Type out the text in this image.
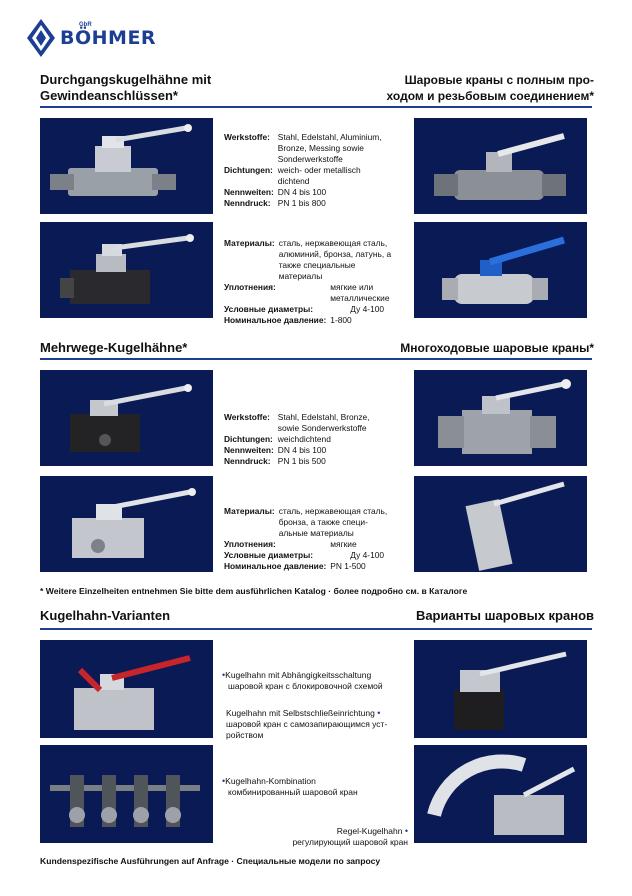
GbR
BÖHMER
Durchgangskugelhähne mit
Gewindeanschlüssen*
Шаровые краны с полным про-
ходом и резьбовым соединением*
Werkstoffe:	Stahl, Edelstahl, Aluminium,
Bronze, Messing sowie
Sonderwerkstoffe

Dichtungen:	weich- oder metallisch
dichtend

Nennweiten:	DN 4 bis 100
Nenndruck:	PN 1 bis 800
Материалы:	сталь, нержавеющая сталь,
алюминий, бронза, латунь, а
также специальные
материалы
Уплотнения:	мягкие или металлические
Условные диаметры:	Ду 4-100
Номинальное давление:	1-800
Mehrwege-Kugelhähne*	Многоходовые шаровые краны*
Werkstoffe:	Stahl, Edelstahl, Bronze,
sowie Sonderwerkstoffe

Dichtungen:	weichdichtend
Nennweiten:	DN 4 bis 100
Nenndruck:	PN 1 bis 500
Материалы:	сталь, нержавеющая сталь,
бронза, а также специ-
альные материалы
Уплотнения:	мягкие
Условные диаметры:	Ду 4-100
Номинальное давление:	PN 1-500
* Weitere Einzelheiten entnehmen Sie bitte dem ausführlichen Katalog · более подробно см. в Каталоге
Kugelhahn-Varianten	Варианты шаровых кранов
•Kugelhahn mit Abhängigkeitsschaltung
шаровой кран с блокировочной схемой
Kugelhahn mit Selbstschließeinrichtung •
шаровой кран с самозапирающимся уст-
ройством
•Kugelhahn-Kombination
комбинированный шаровой кран
Regel-Kugelhahn •
регулирующий шаровой кран
Kundenspezifische Ausführungen auf Anfrage · Специальные модели по запросу
